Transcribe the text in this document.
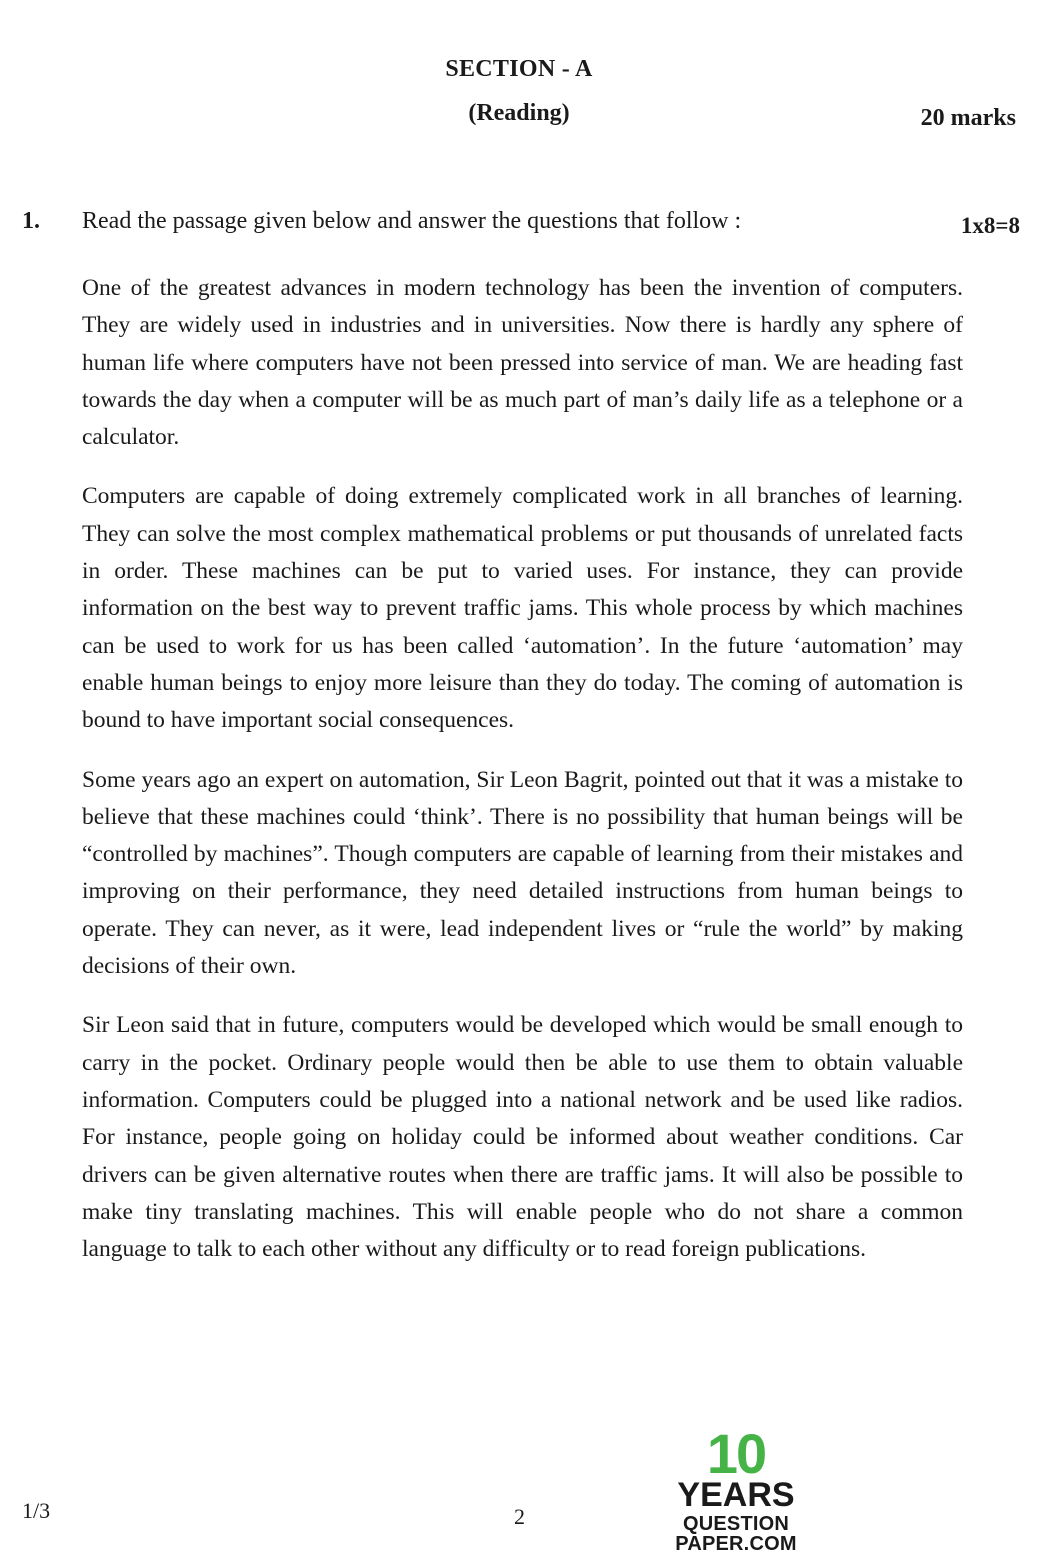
SECTION - A
(Reading)	20 marks
1. Read the passage given below and answer the questions that follow :	1x8=8

One of the greatest advances in modern technology has been the invention of computers. They are widely used in industries and in universities. Now there is hardly any sphere of human life where computers have not been pressed into service of man. We are heading fast towards the day when a computer will be as much part of man’s daily life as a telephone or a calculator.

Computers are capable of doing extremely complicated work in all branches of learning. They can solve the most complex mathematical problems or put thousands of unrelated facts in order. These machines can be put to varied uses. For instance, they can provide information on the best way to prevent traffic jams. This whole process by which machines can be used to work for us has been called ‘automation’. In the future ‘automation’ may enable human beings to enjoy more leisure than they do today. The coming of automation is bound to have important social consequences.

Some years ago an expert on automation, Sir Leon Bagrit, pointed out that it was a mistake to believe that these machines could ‘think’. There is no possibility that human beings will be “controlled by machines”. Though computers are capable of learning from their mistakes and improving on their performance, they need detailed instructions from human beings to operate. They can never, as it were, lead independent lives or “rule the world” by making decisions of their own.

Sir Leon said that in future, computers would be developed which would be small enough to carry in the pocket. Ordinary people would then be able to use them to obtain valuable information. Computers could be plugged into a national network and be used like radios. For instance, people going on holiday could be informed about weather conditions. Car drivers can be given alternative routes when there are traffic jams. It will also be possible to make tiny translating machines. This will enable people who do not share a common language to talk to each other without any difficulty or to read foreign publications.

10
YEARS
QUESTION PAPER.COM
1/3	2
